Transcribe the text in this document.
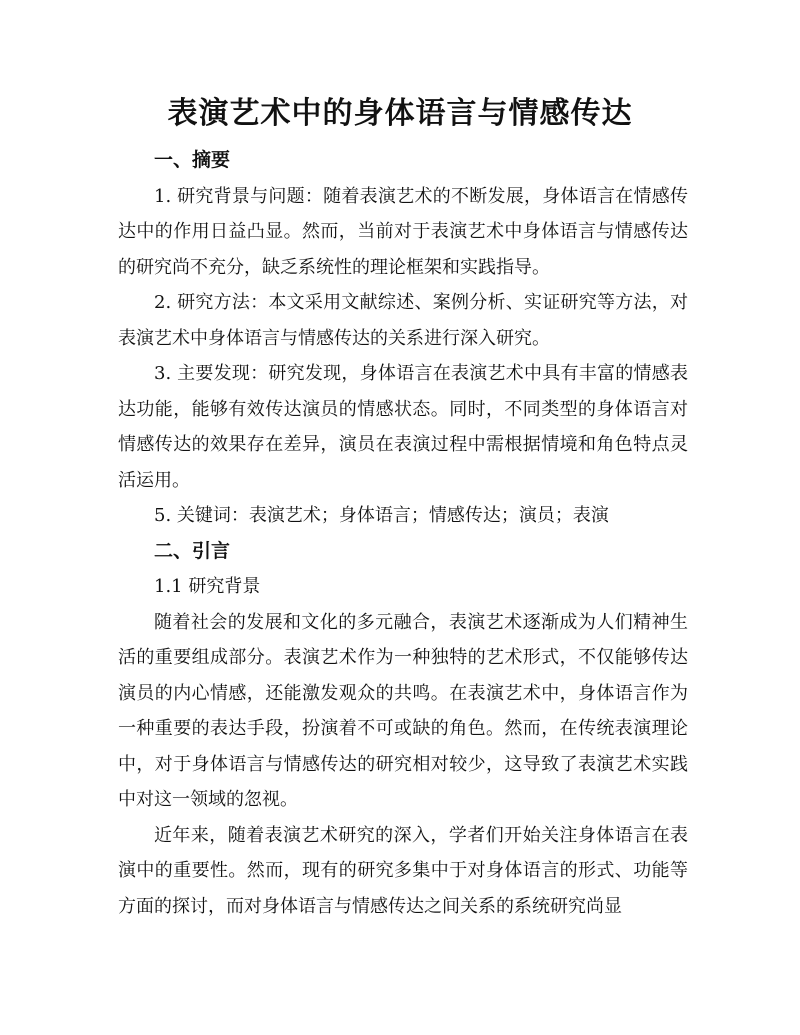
表演艺术中的身体语言与情感传达
一、摘要

1. 研究背景与问题：随着表演艺术的不断发展，身体语言在情感传达中的作用日益凸显。然而，当前对于表演艺术中身体语言与情感传达的研究尚不充分，缺乏系统性的理论框架和实践指导。

2. 研究方法：本文采用文献综述、案例分析、实证研究等方法，对表演艺术中身体语言与情感传达的关系进行深入研究。

3. 主要发现：研究发现，身体语言在表演艺术中具有丰富的情感表达功能，能够有效传达演员的情感状态。同时，不同类型的身体语言对情感传达的效果存在差异，演员在表演过程中需根据情境和角色特点灵活运用。

5. 关键词：表演艺术；身体语言；情感传达；演员；表演

二、引言
1.1 研究背景

随着社会的发展和文化的多元融合，表演艺术逐渐成为人们精神生活的重要组成部分。表演艺术作为一种独特的艺术形式，不仅能够传达演员的内心情感，还能激发观众的共鸣。在表演艺术中，身体语言作为一种重要的表达手段，扮演着不可或缺的角色。然而，在传统表演理论中，对于身体语言与情感传达的研究相对较少，这导致了表演艺术实践中对这一领域的忽视。

近年来，随着表演艺术研究的深入，学者们开始关注身体语言在表演中的重要性。然而，现有的研究多集中于对身体语言的形式、功能等方面的探讨，而对身体语言与情感传达之间关系的系统研究尚显
